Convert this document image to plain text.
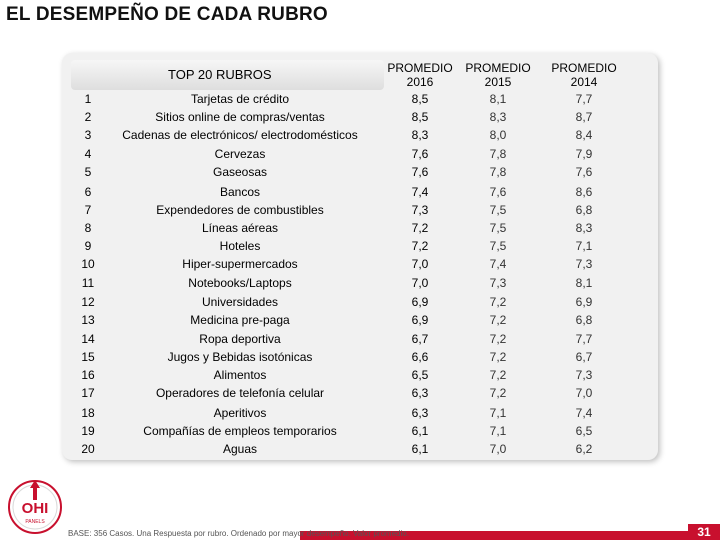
EL DESEMPEÑO DE CADA RUBRO
TOP 20 RUBROS	PROMEDIO
2016
PROMEDIO
2015
PROMEDIO
2014
1	Tarjetas de crédito	8,5	8,1	7,7
2	Sitios online de compras/ventas	8,5	8,3	8,7
3	Cadenas de electrónicos/ electrodomésticos	8,3	8,0	8,4
4	Cervezas	7,6	7,8	7,9
5	Gaseosas	7,6	7,8	7,6
6	Bancos	7,4	7,6	8,6
7	Expendedores de combustibles	7,3	7,5	6,8
8	Líneas aéreas	7,2	7,5	8,3
9	Hoteles	7,2	7,5	7,1
10	Hiper-supermercados	7,0	7,4	7,3
11	Notebooks/Laptops	7,0	7,3	8,1
12	Universidades	6,9	7,2	6,9
13	Medicina pre-paga	6,9	7,2	6,8
14	Ropa deportiva	6,7	7,2	7,7
15	Jugos y Bebidas isotónicas	6,6	7,2	6,7
16	Alimentos	6,5	7,2	7,3
17	Operadores de telefonía celular	6,3	7,2	7,0
18	Aperitivos	6,3	7,1	7,4
19	Compañías de empleos temporarios	6,1	7,1	6,5
20	Aguas	6,1	7,0	6,2
OHI
PANELS
BASE: 356 Casos. Una Respuesta por rubro. Ordenado por mayor desempeño. Valor promedio.	31
